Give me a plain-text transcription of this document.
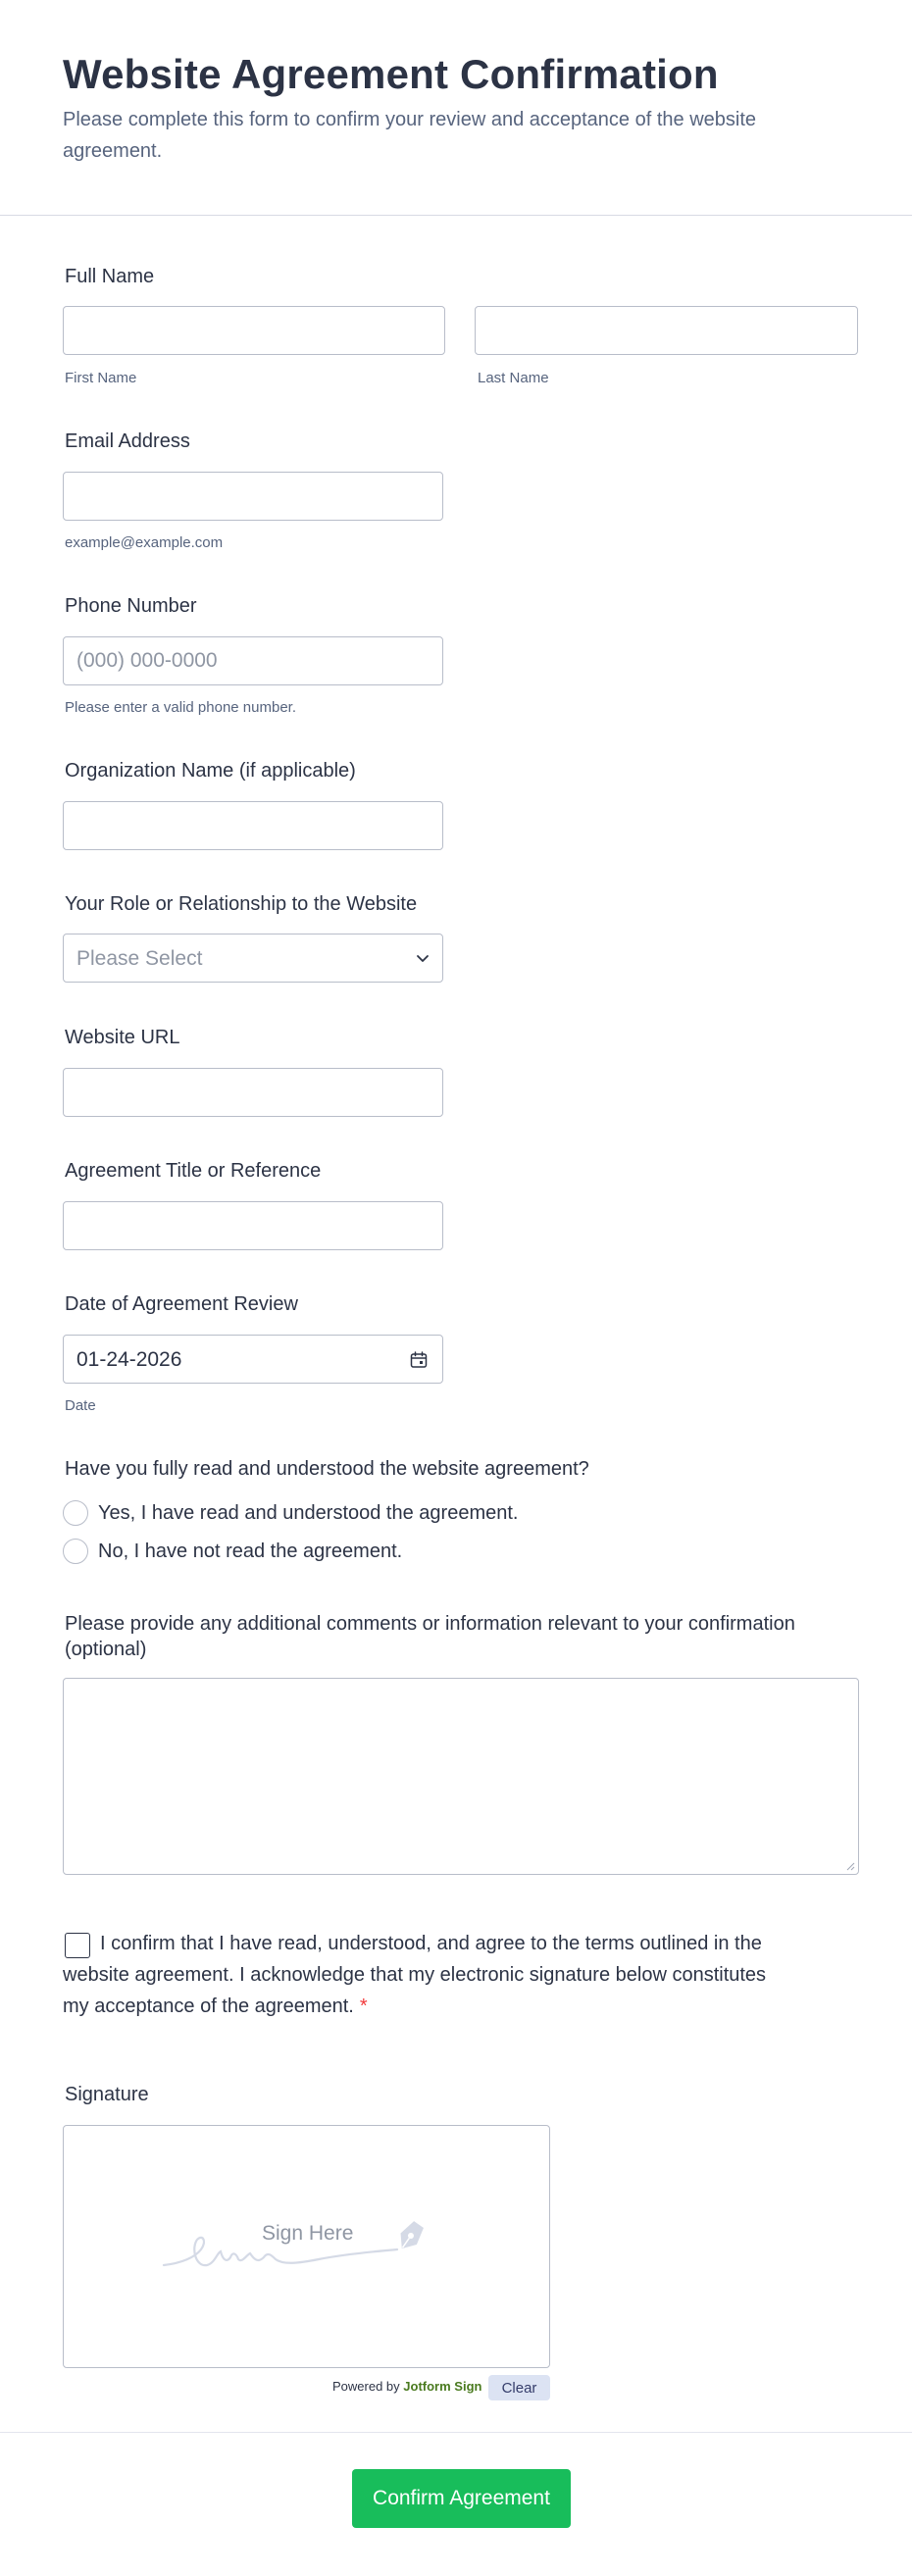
Website Agreement Confirmation

Please complete this form to confirm your review and acceptance of the website agreement.

Full Name
First Name	Last Name
Email Address
example@example.com
Phone Number
(000) 000-0000
Please enter a valid phone number.
Organization Name (if applicable)
Your Role or Relationship to the Website
Please Select
Website URL
Agreement Title or Reference
Date of Agreement Review
01-24-2026
Date
Have you fully read and understood the website agreement?
Yes, I have read and understood the agreement.
No, I have not read the agreement.
Please provide any additional comments or information relevant to your confirmation (optional)

I confirm that I have read, understood, and agree to the terms outlined in the website agreement. I acknowledge that my electronic signature below constitutes my acceptance of the agreement. *

Signature
Sign Here
Powered by Jotform Sign	Clear
Confirm Agreement
